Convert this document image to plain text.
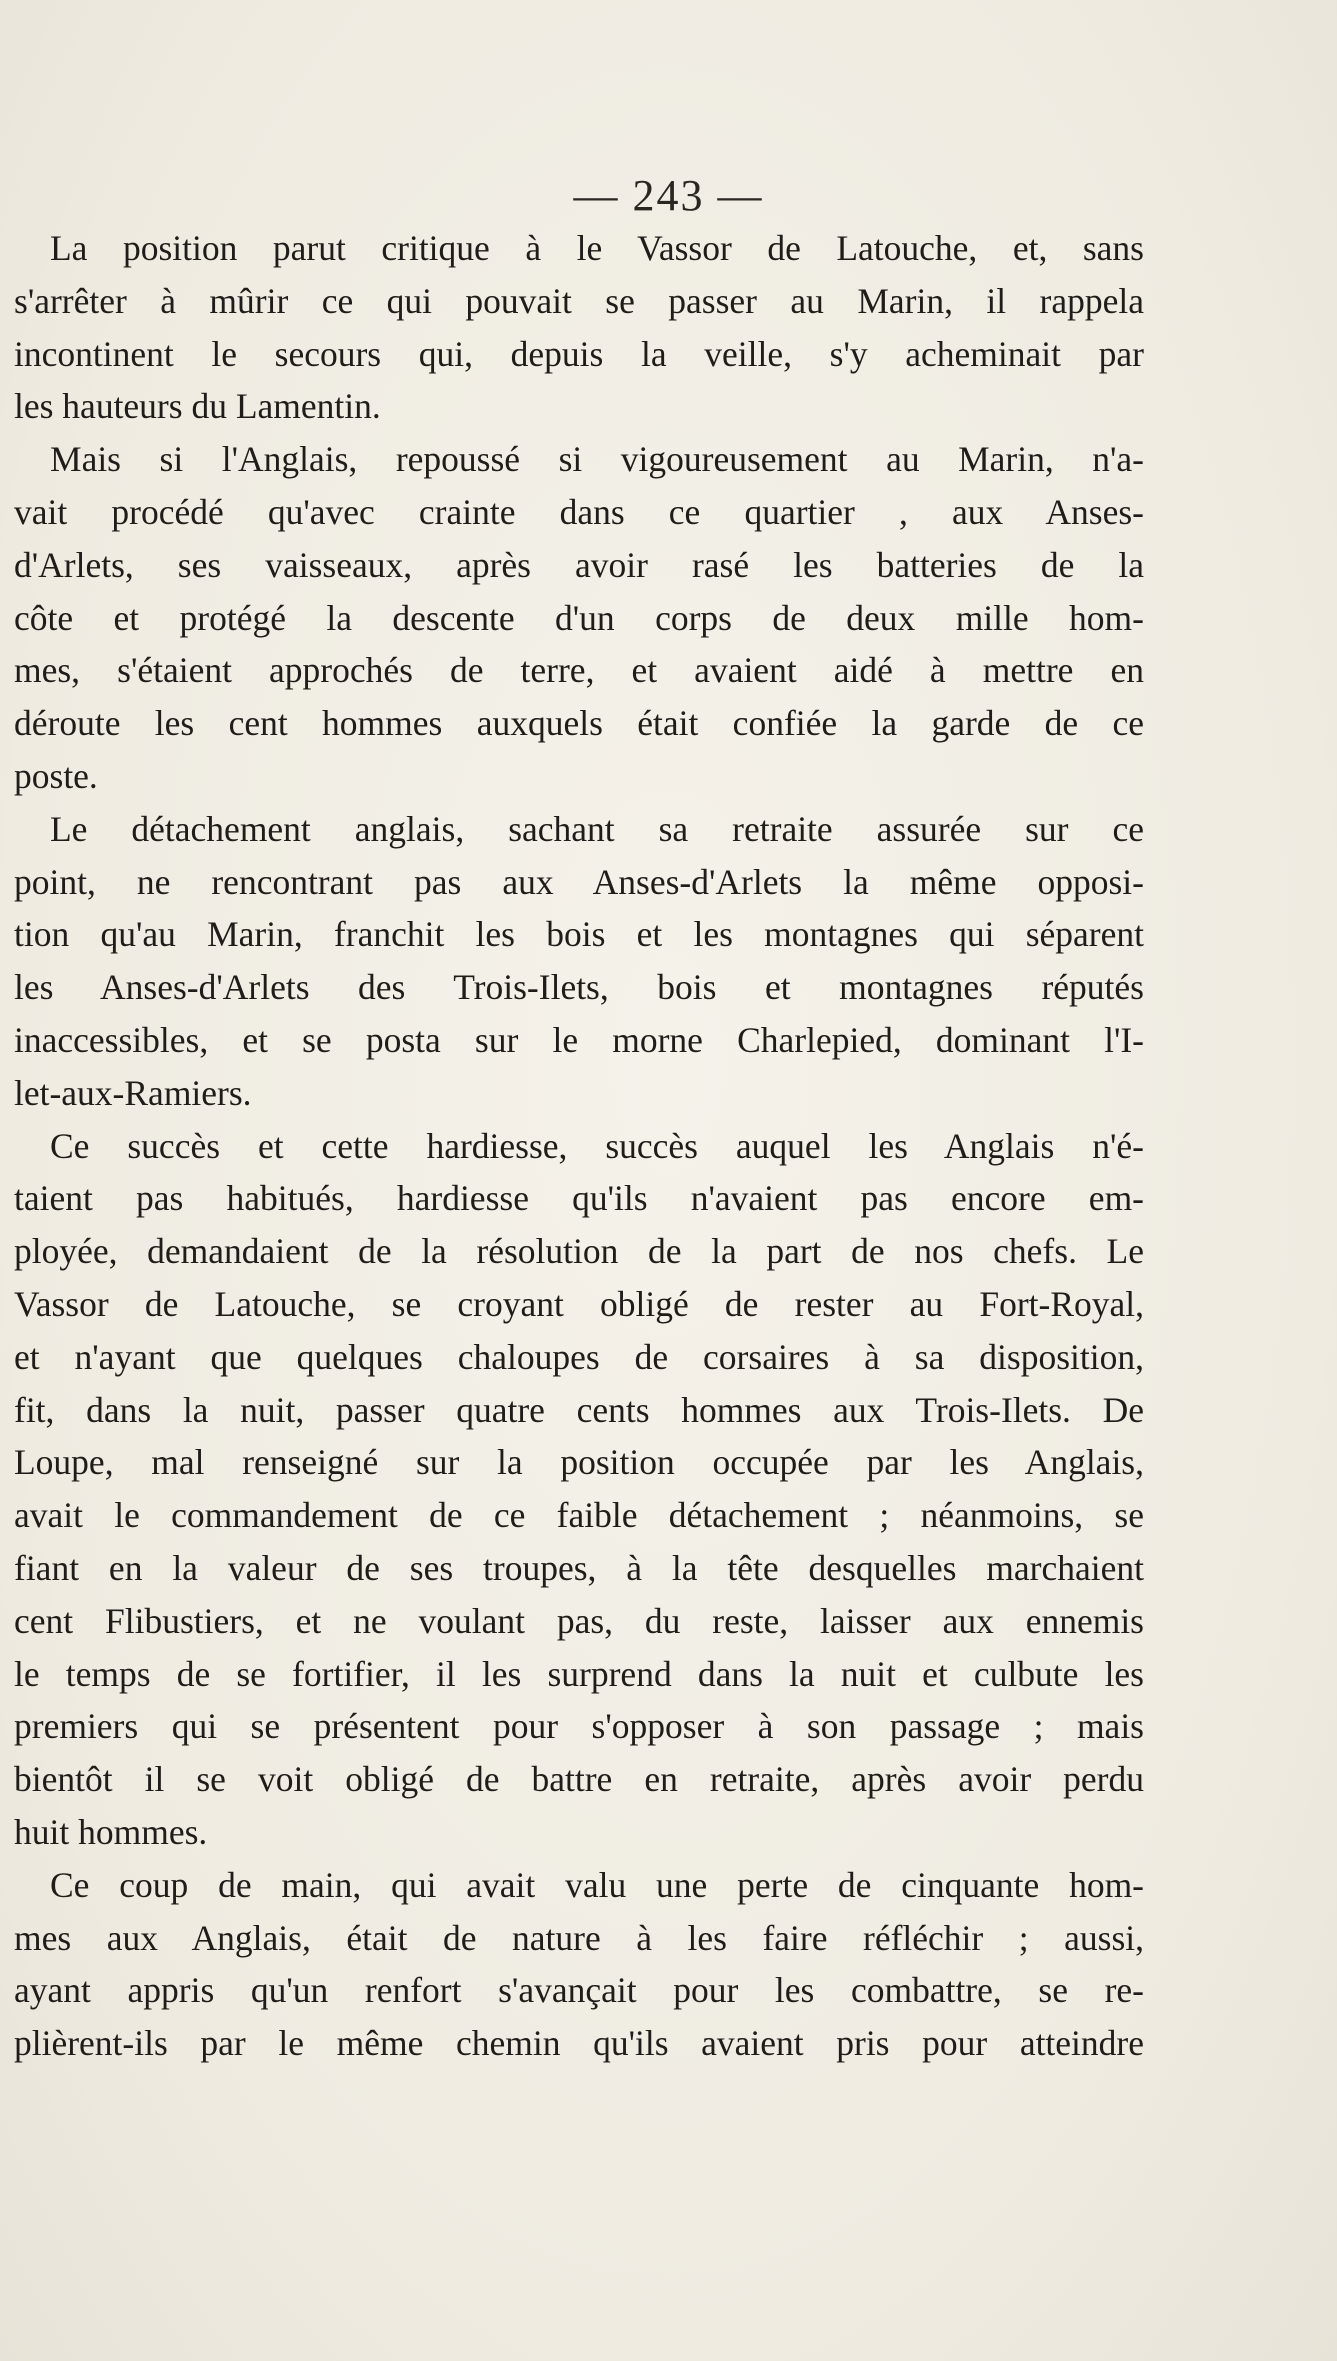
— 243 —
La position parut critique à le Vassor de Latouche, et, sans
s'arrêter à mûrir ce qui pouvait se passer au Marin, il rappela
incontinent le secours qui, depuis la veille, s'y acheminait par
les hauteurs du Lamentin.
Mais si l'Anglais, repoussé si vigoureusement au Marin, n'a-
vait procédé qu'avec crainte dans ce quartier , aux Anses-
d'Arlets, ses vaisseaux, après avoir rasé les batteries de la
côte et protégé la descente d'un corps de deux mille hom-
mes, s'étaient approchés de terre, et avaient aidé à mettre en
déroute les cent hommes auxquels était confiée la garde de ce
poste.
Le détachement anglais, sachant sa retraite assurée sur ce
point, ne rencontrant pas aux Anses-d'Arlets la même opposi-
tion qu'au Marin, franchit les bois et les montagnes qui séparent
les Anses-d'Arlets des Trois-Ilets, bois et montagnes réputés
inaccessibles, et se posta sur le morne Charlepied, dominant l'I-
let-aux-Ramiers.
Ce succès et cette hardiesse, succès auquel les Anglais n'é-
taient pas habitués, hardiesse qu'ils n'avaient pas encore em-
ployée, demandaient de la résolution de la part de nos chefs. Le
Vassor de Latouche, se croyant obligé de rester au Fort-Royal,
et n'ayant que quelques chaloupes de corsaires à sa disposition,
fit, dans la nuit, passer quatre cents hommes aux Trois-Ilets. De
Loupe, mal renseigné sur la position occupée par les Anglais,
avait le commandement de ce faible détachement ; néanmoins, se
fiant en la valeur de ses troupes, à la tête desquelles marchaient
cent Flibustiers, et ne voulant pas, du reste, laisser aux ennemis
le temps de se fortifier, il les surprend dans la nuit et culbute les
premiers qui se présentent pour s'opposer à son passage ; mais
bientôt il se voit obligé de battre en retraite, après avoir perdu
huit hommes.
Ce coup de main, qui avait valu une perte de cinquante hom-
mes aux Anglais, était de nature à les faire réfléchir ; aussi,
ayant appris qu'un renfort s'avançait pour les combattre, se re-
plièrent-ils par le même chemin qu'ils avaient pris pour atteindre
